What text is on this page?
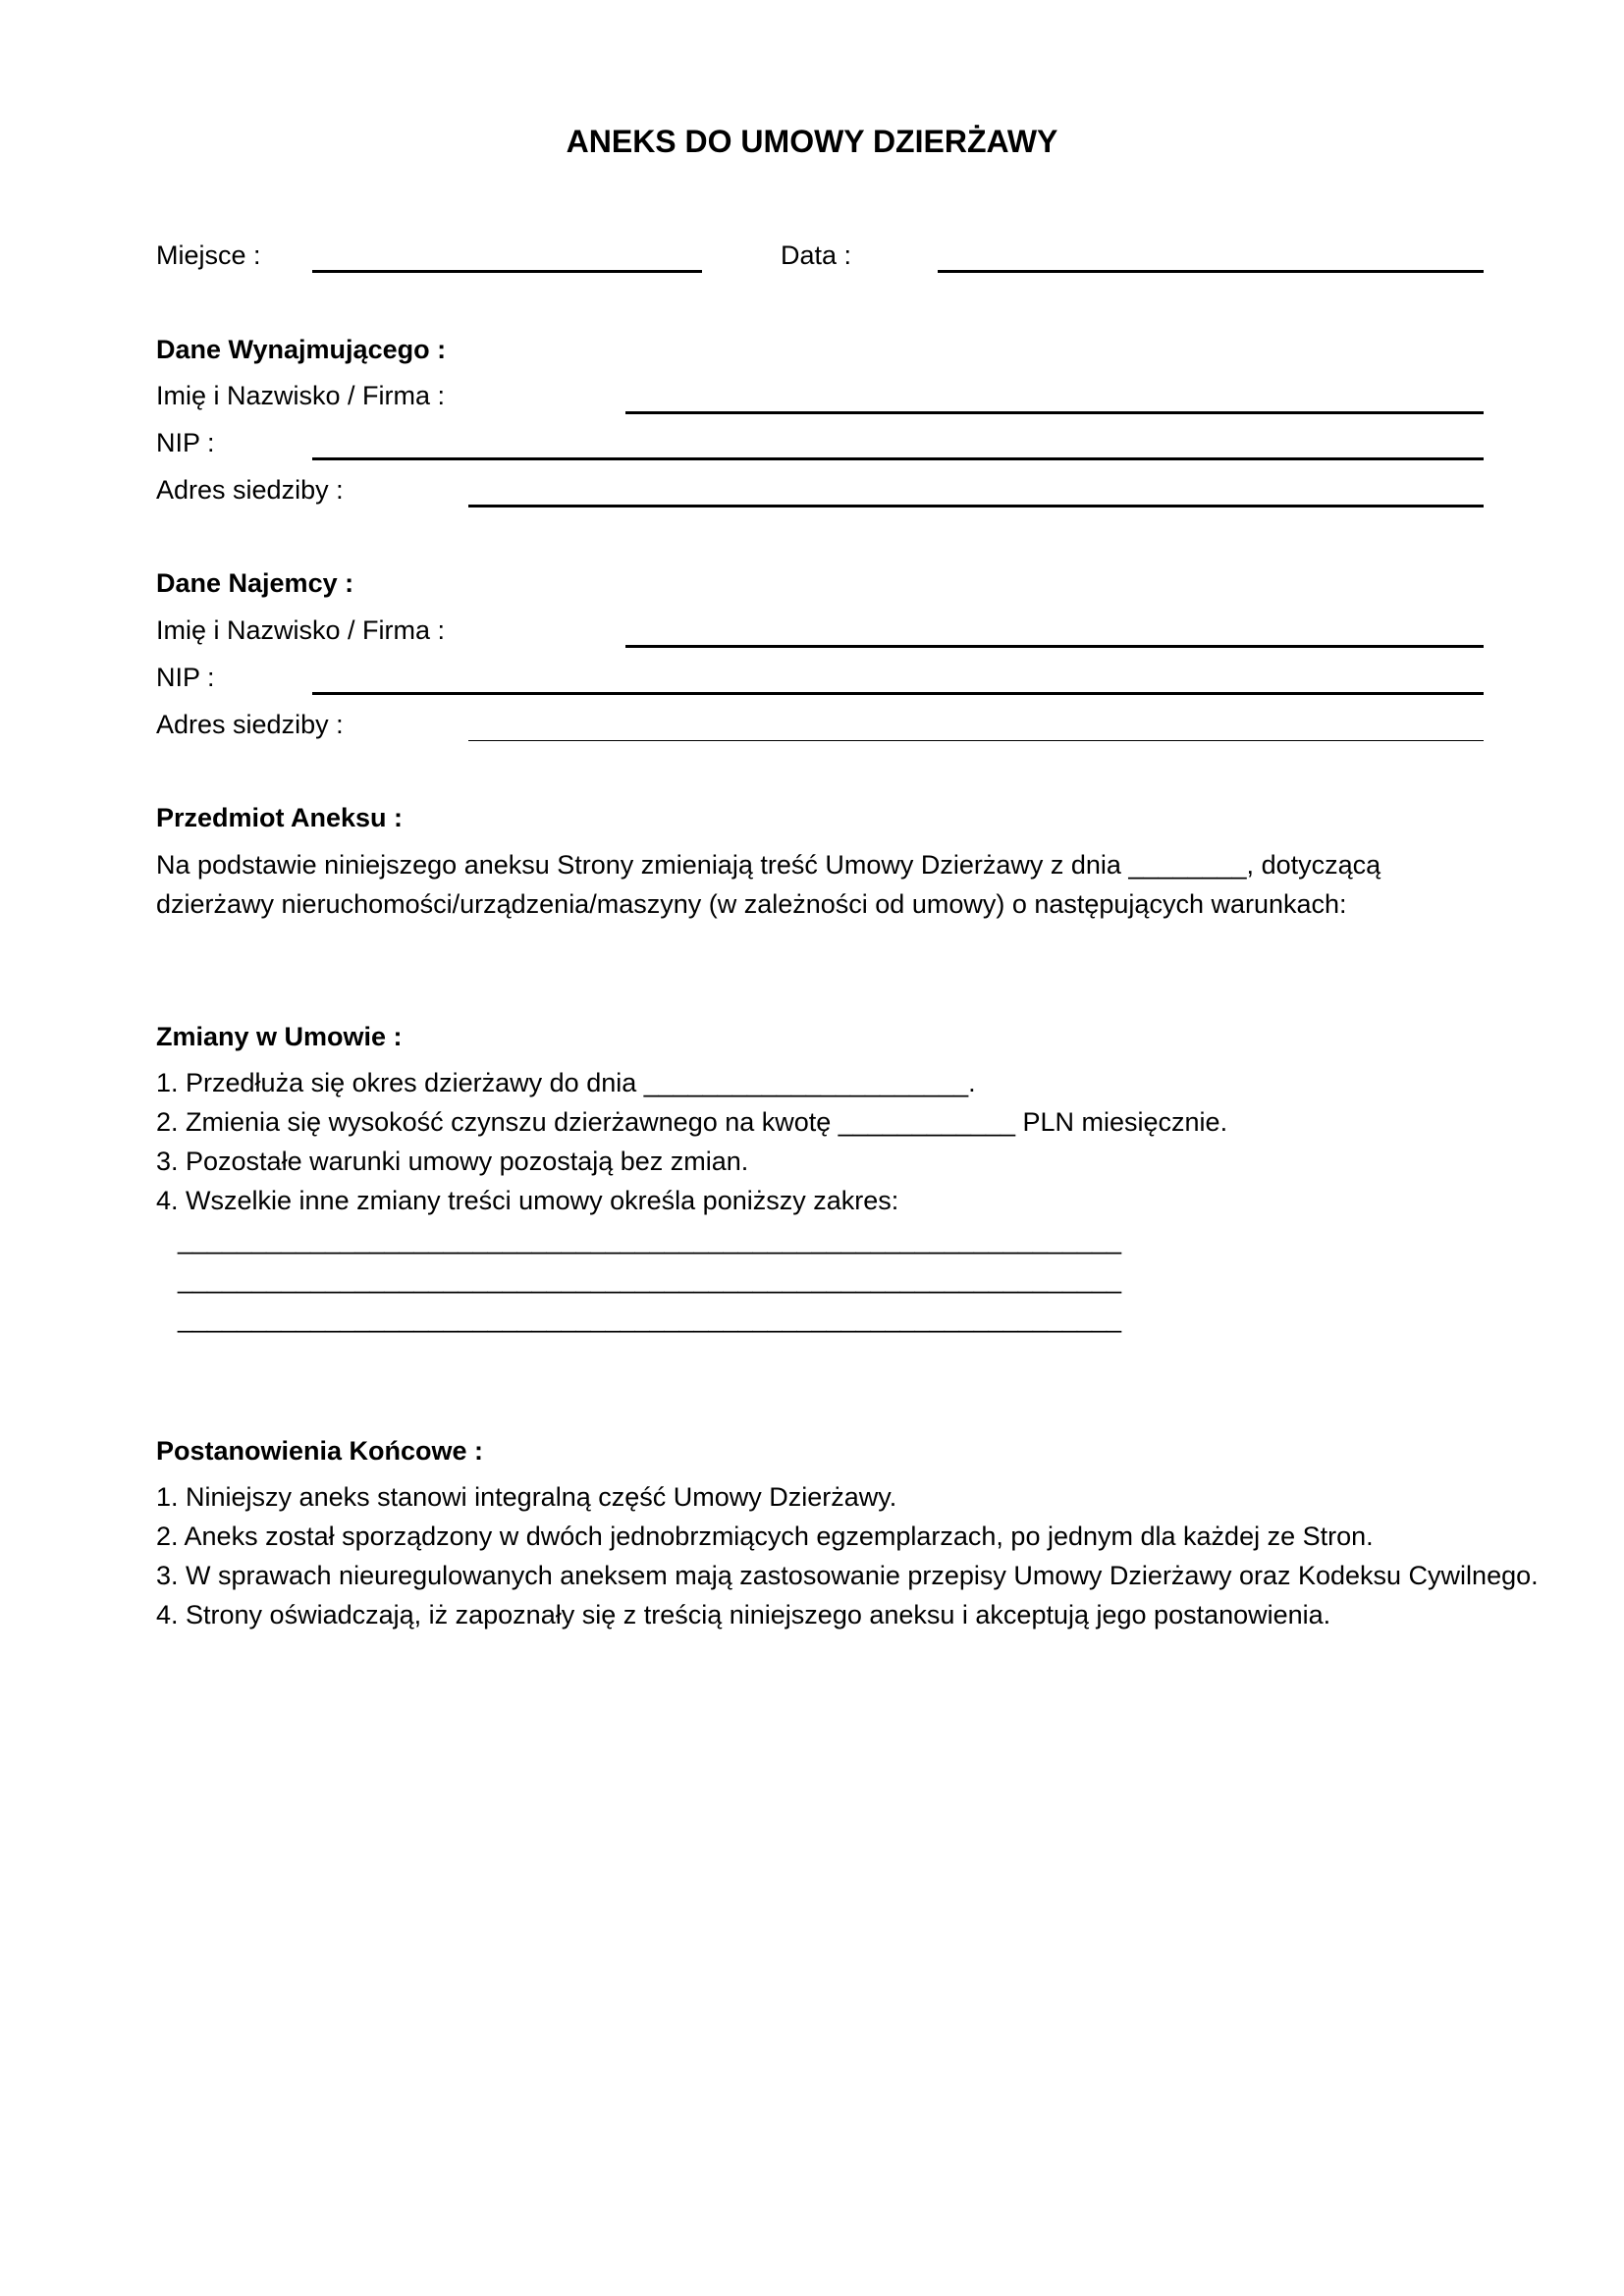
ANEKS DO UMOWY DZIERŻAWY
Miejsce :	Data :
Dane Wynajmującego :
Imię i Nazwisko / Firma :
NIP :
Adres siedziby :
Dane Najemcy :
Imię i Nazwisko / Firma :
NIP :
Adres siedziby :
Przedmiot Aneksu :
Na podstawie niniejszego aneksu Strony zmieniają treść Umowy Dzierżawy z dnia ________, dotyczącą
dzierżawy nieruchomości/urządzenia/maszyny (w zależności od umowy) o następujących warunkach:
Zmiany w Umowie :
1. Przedłuża się okres dzierżawy do dnia ______________________.
2. Zmienia się wysokość czynszu dzierżawnego na kwotę ____________ PLN miesięcznie.
3. Pozostałe warunki umowy pozostają bez zmian.
4. Wszelkie inne zmiany treści umowy określa poniższy zakres:
________________________________________________________________
________________________________________________________________
________________________________________________________________
Postanowienia Końcowe :
1. Niniejszy aneks stanowi integralną część Umowy Dzierżawy.
2. Aneks został sporządzony w dwóch jednobrzmiących egzemplarzach, po jednym dla każdej ze Stron.
3. W sprawach nieuregulowanych aneksem mają zastosowanie przepisy Umowy Dzierżawy oraz Kodeksu Cywilnego.
4. Strony oświadczają, iż zapoznały się z treścią niniejszego aneksu i akceptują jego postanowienia.
